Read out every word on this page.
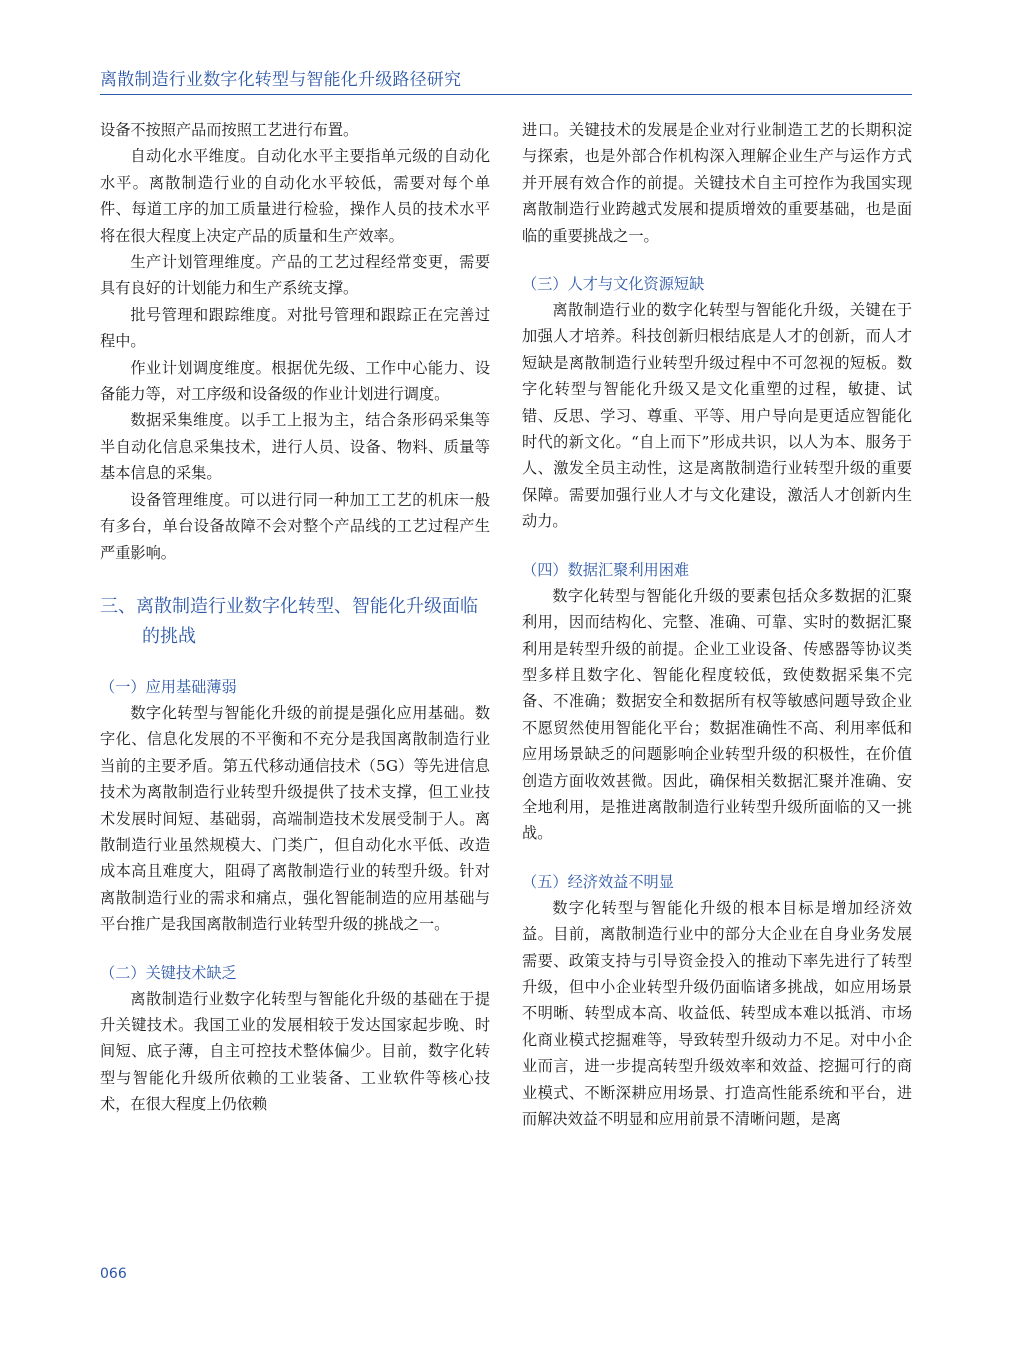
离散制造行业数字化转型与智能化升级路径研究

设备不按照产品而按照工艺进行布置。

自动化水平维度。自动化水平主要指单元级的自动化水平。离散制造行业的自动化水平较低，需要对每个单件、每道工序的加工质量进行检验，操作人员的技术水平将在很大程度上决定产品的质量和生产效率。

生产计划管理维度。产品的工艺过程经常变更，需要具有良好的计划能力和生产系统支撑。

批号管理和跟踪维度。对批号管理和跟踪正在完善过程中。

作业计划调度维度。根据优先级、工作中心能力、设备能力等，对工序级和设备级的作业计划进行调度。

数据采集维度。以手工上报为主，结合条形码采集等半自动化信息采集技术，进行人员、设备、物料、质量等基本信息的采集。

设备管理维度。可以进行同一种加工工艺的机床一般有多台，单台设备故障不会对整个产品线的工艺过程产生严重影响。

三、离散制造行业数字化转型、智能化升级面临的挑战
（一）应用基础薄弱

数字化转型与智能化升级的前提是强化应用基础。数字化、信息化发展的不平衡和不充分是我国离散制造行业当前的主要矛盾。第五代移动通信技术（5G）等先进信息技术为离散制造行业转型升级提供了技术支撑，但工业技术发展时间短、基础弱，高端制造技术发展受制于人。离散制造行业虽然规模大、门类广，但自动化水平低、改造成本高且难度大，阻碍了离散制造行业的转型升级。针对离散制造行业的需求和痛点，强化智能制造的应用基础与平台推广是我国离散制造行业转型升级的挑战之一。

（二）关键技术缺乏

离散制造行业数字化转型与智能化升级的基础在于提升关键技术。我国工业的发展相较于发达国家起步晚、时间短、底子薄，自主可控技术整体偏少。目前，数字化转型与智能化升级所依赖的工业装备、工业软件等核心技术，在很大程度上仍依赖

进口。关键技术的发展是企业对行业制造工艺的长期积淀与探索，也是外部合作机构深入理解企业生产与运作方式并开展有效合作的前提。关键技术自主可控作为我国实现离散制造行业跨越式发展和提质增效的重要基础，也是面临的重要挑战之一。

（三）人才与文化资源短缺

离散制造行业的数字化转型与智能化升级，关键在于加强人才培养。科技创新归根结底是人才的创新，而人才短缺是离散制造行业转型升级过程中不可忽视的短板。数字化转型与智能化升级又是文化重塑的过程，敏捷、试错、反思、学习、尊重、平等、用户导向是更适应智能化时代的新文化。“自上而下”形成共识，以人为本、服务于人、激发全员主动性，这是离散制造行业转型升级的重要保障。需要加强行业人才与文化建设，激活人才创新内生动力。

（四）数据汇聚利用困难

数字化转型与智能化升级的要素包括众多数据的汇聚利用，因而结构化、完整、准确、可靠、实时的数据汇聚利用是转型升级的前提。企业工业设备、传感器等协议类型多样且数字化、智能化程度较低，致使数据采集不完备、不准确；数据安全和数据所有权等敏感问题导致企业不愿贸然使用智能化平台；数据准确性不高、利用率低和应用场景缺乏的问题影响企业转型升级的积极性，在价值创造方面收效甚微。因此，确保相关数据汇聚并准确、安全地利用，是推进离散制造行业转型升级所面临的又一挑战。

（五）经济效益不明显

数字化转型与智能化升级的根本目标是增加经济效益。目前，离散制造行业中的部分大企业在自身业务发展需要、政策支持与引导资金投入的推动下率先进行了转型升级，但中小企业转型升级仍面临诸多挑战，如应用场景不明晰、转型成本高、收益低、转型成本难以抵消、市场化商业模式挖掘难等，导致转型升级动力不足。对中小企业而言，进一步提高转型升级效率和效益、挖掘可行的商业模式、不断深耕应用场景、打造高性能系统和平台，进而解决效益不明显和应用前景不清晰问题，是离

066
